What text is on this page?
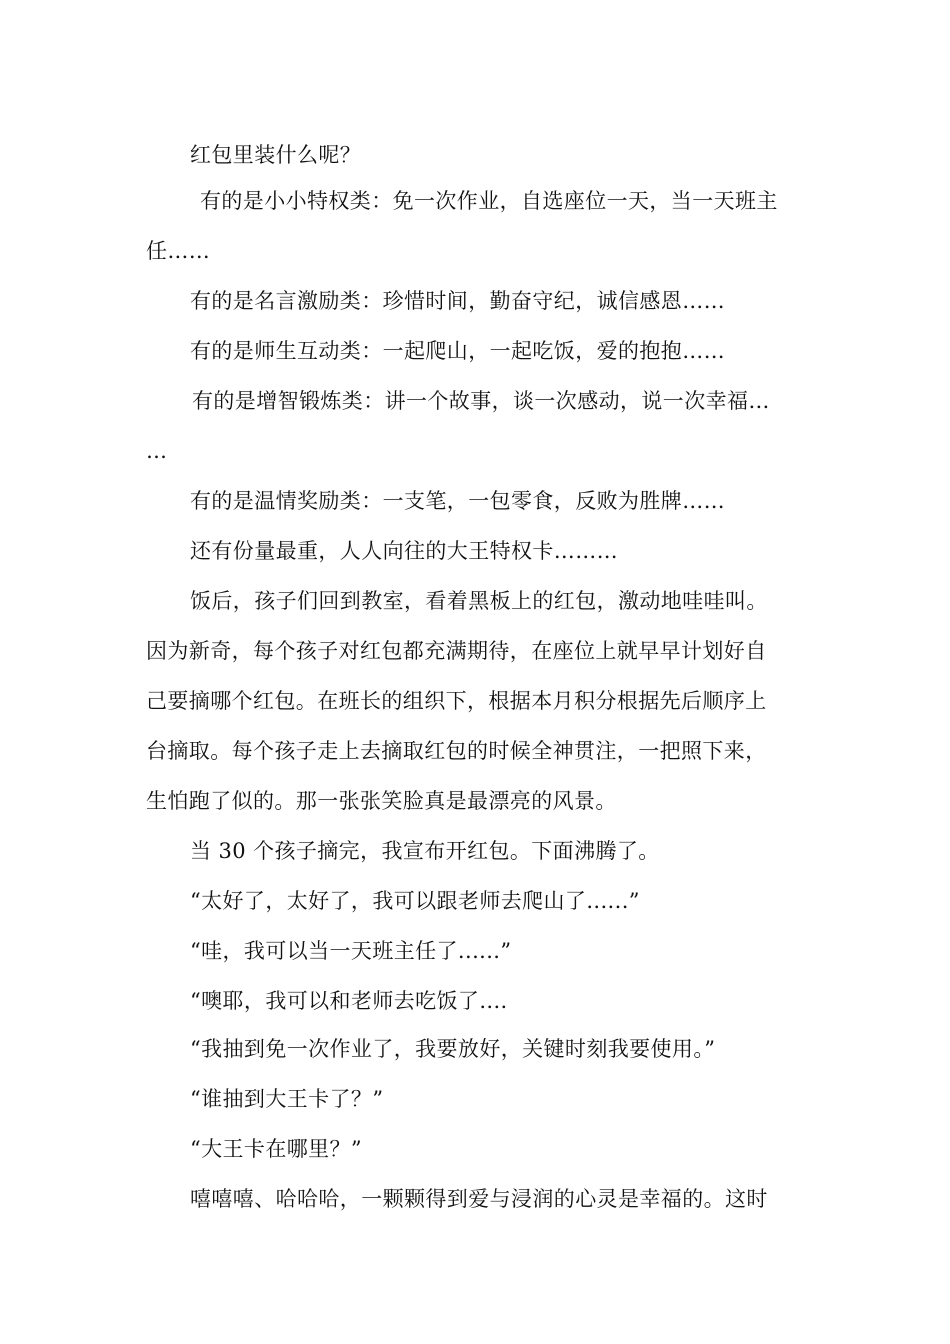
红包里装什么呢？
有的是小小特权类：免一次作业，自选座位一天，当一天班主
任……
有的是名言激励类：珍惜时间，勤奋守纪，诚信感恩……
有的是师生互动类：一起爬山，一起吃饭，爱的抱抱……
有的是增智锻炼类：讲一个故事，谈一次感动，说一次幸福…
…
有的是温情奖励类：一支笔，一包零食，反败为胜牌……
还有份量最重，人人向往的大王特权卡………
饭后，孩子们回到教室，看着黑板上的红包，激动地哇哇叫。
因为新奇，每个孩子对红包都充满期待，在座位上就早早计划好自
己要摘哪个红包。在班长的组织下，根据本月积分根据先后顺序上
台摘取。每个孩子走上去摘取红包的时候全神贯注，一把照下来，
生怕跑了似的。那一张张笑脸真是最漂亮的风景。
当 30 个孩子摘完，我宣布开红包。下面沸腾了。
“太好了，太好了，我可以跟老师去爬山了......”
“哇，我可以当一天班主任了......”
“噢耶，我可以和老师去吃饭了....
“我抽到免一次作业了，我要放好，关键时刻我要使用。”
“谁抽到大王卡了？”
“大王卡在哪里？”
嘻嘻嘻、哈哈哈，一颗颗得到爱与浸润的心灵是幸福的。这时
